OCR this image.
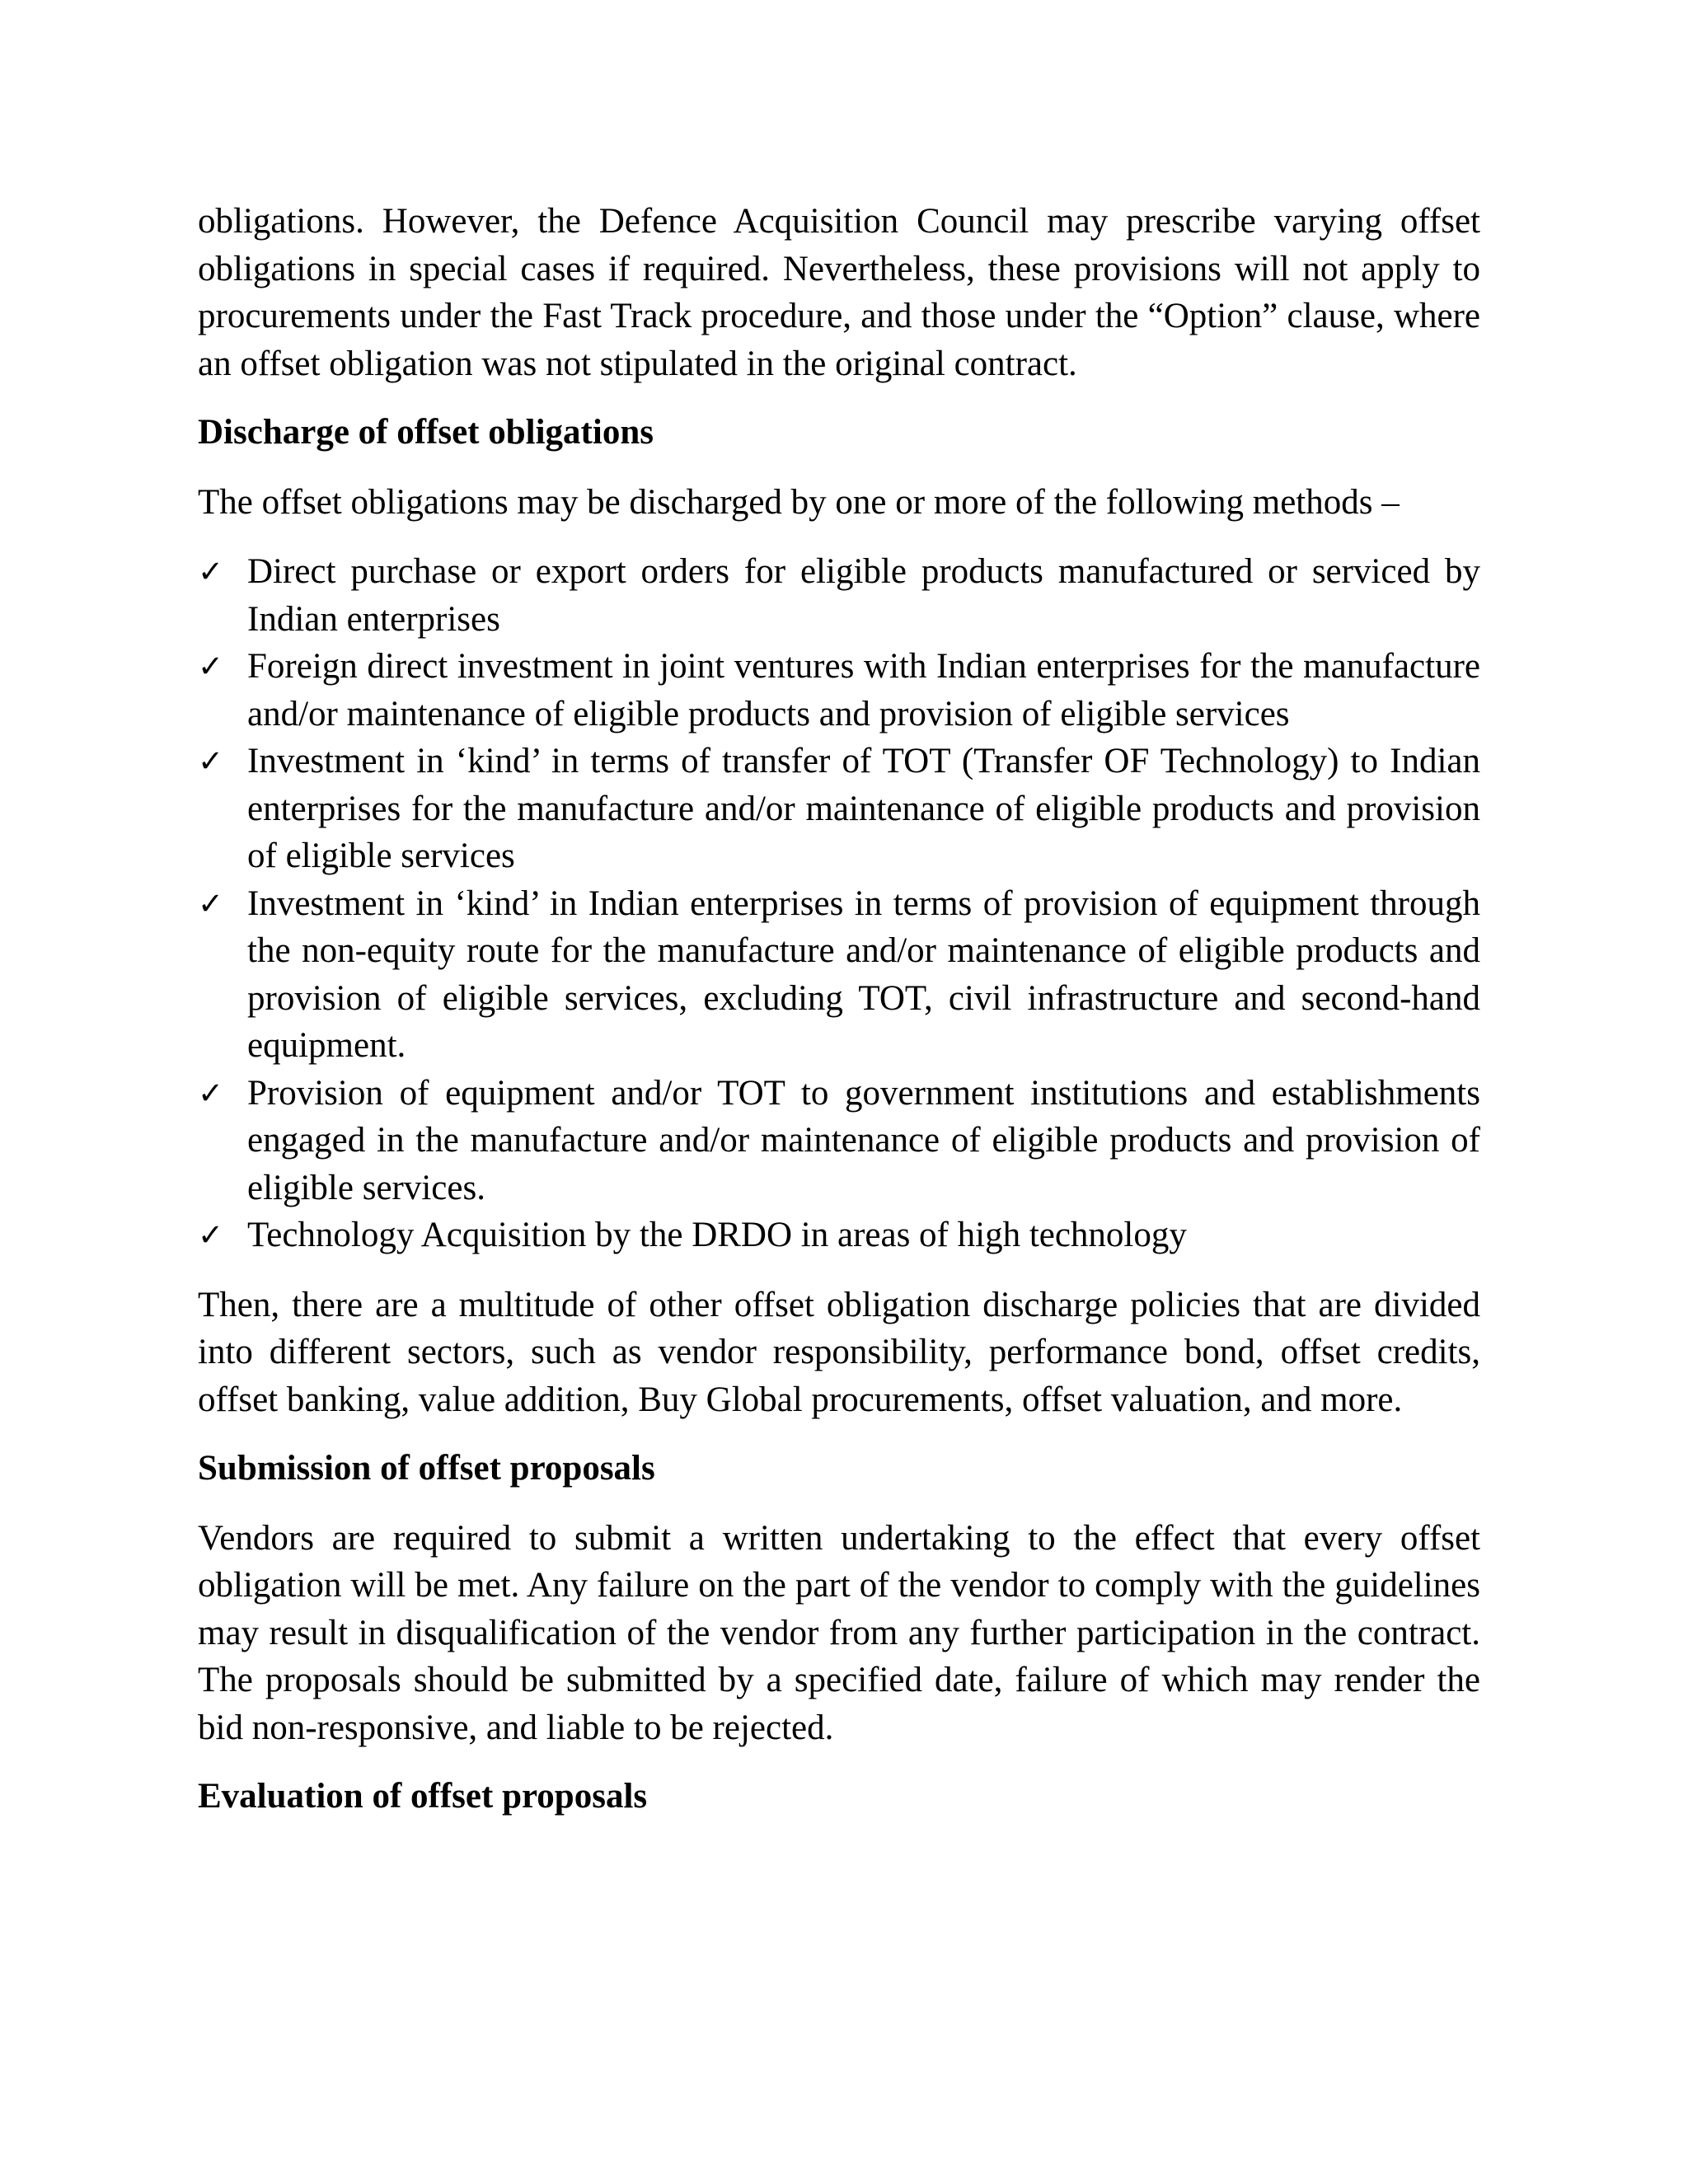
obligations. However, the Defence Acquisition Council may prescribe varying offset obligations in special cases if required. Nevertheless, these provisions will not apply to procurements under the Fast Track procedure, and those under the “Option” clause, where an offset obligation was not stipulated in the original contract.

Discharge of offset obligations

The offset obligations may be discharged by one or more of the following methods –

✓ Direct purchase or export orders for eligible products manufactured or serviced by Indian enterprises
✓ Foreign direct investment in joint ventures with Indian enterprises for the manufacture and/or maintenance of eligible products and provision of eligible services
✓ Investment in ‘kind’ in terms of transfer of TOT (Transfer OF Technology) to Indian enterprises for the manufacture and/or maintenance of eligible products and provision of eligible services
✓ Investment in ‘kind’ in Indian enterprises in terms of provision of equipment through the non-equity route for the manufacture and/or maintenance of eligible products and provision of eligible services, excluding TOT, civil infrastructure and second-hand equipment.
✓ Provision of equipment and/or TOT to government institutions and establishments engaged in the manufacture and/or maintenance of eligible products and provision of eligible services.
✓ Technology Acquisition by the DRDO in areas of high technology

Then, there are a multitude of other offset obligation discharge policies that are divided into different sectors, such as vendor responsibility, performance bond, offset credits, offset banking, value addition, Buy Global procurements, offset valuation, and more.

Submission of offset proposals

Vendors are required to submit a written undertaking to the effect that every offset obligation will be met. Any failure on the part of the vendor to comply with the guidelines may result in disqualification of the vendor from any further participation in the contract. The proposals should be submitted by a specified date, failure of which may render the bid non-responsive, and liable to be rejected.

Evaluation of offset proposals
